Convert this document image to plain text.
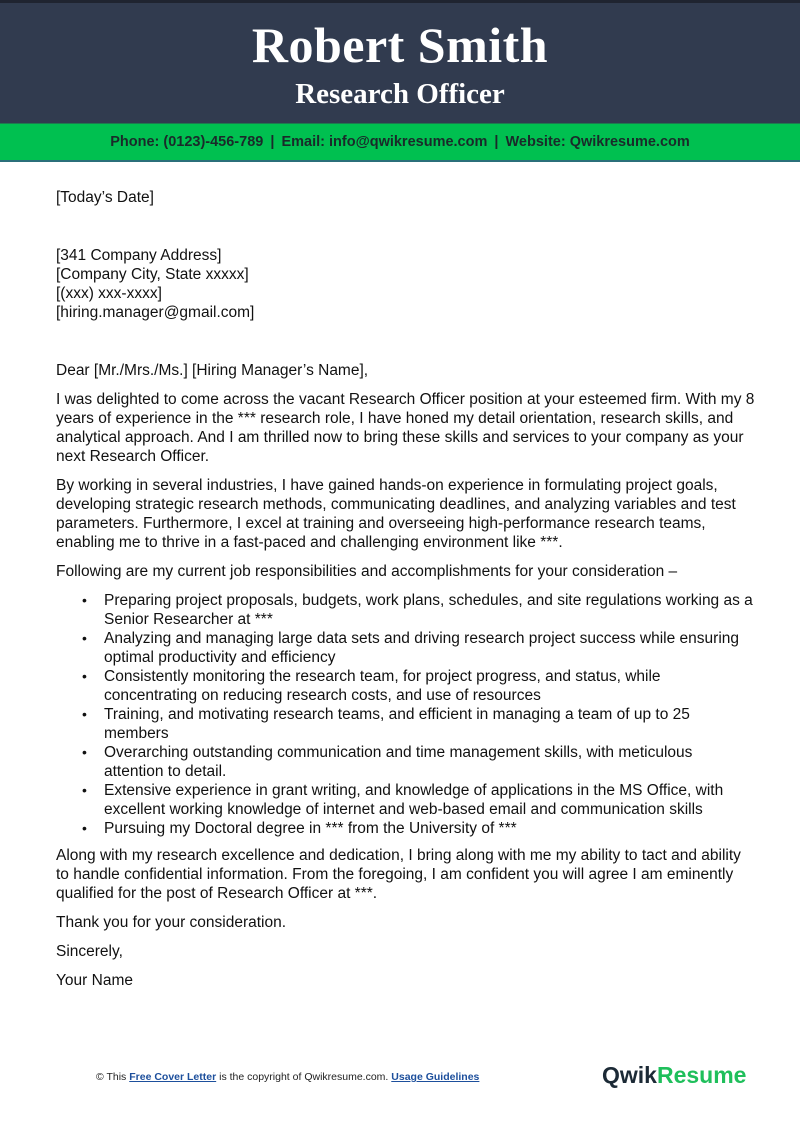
Robert Smith
Research Officer
Phone: (0123)-456-789 | Email: info@qwikresume.com | Website: Qwikresume.com

[Today’s Date]

[341 Company Address]

[Company City, State xxxxx]

[(xxx) xxx-xxxx]

[hiring.manager@gmail.com]

Dear [Mr./Mrs./Ms.] [Hiring Manager’s Name],

I was delighted to come across the vacant Research Officer position at your esteemed firm. With my 8 years of experience in the *** research role, I have honed my detail orientation, research skills, and analytical approach. And I am thrilled now to bring these skills and services to your company as your next Research Officer.

By working in several industries, I have gained hands-on experience in formulating project goals, developing strategic research methods, communicating deadlines, and analyzing variables and test parameters. Furthermore, I excel at training and overseeing high-performance research teams, enabling me to thrive in a fast-paced and challenging environment like ***.

Following are my current job responsibilities and accomplishments for your consideration –

• Preparing project proposals, budgets, work plans, schedules, and site regulations working as a Senior Researcher at ***
• Analyzing and managing large data sets and driving research project success while ensuring optimal productivity and efficiency
• Consistently monitoring the research team, for project progress, and status, while concentrating on reducing research costs, and use of resources
• Training, and motivating research teams, and efficient in managing a team of up to 25 members
• Overarching outstanding communication and time management skills, with meticulous attention to detail.
• Extensive experience in grant writing, and knowledge of applications in the MS Office, with excellent working knowledge of internet and web-based email and communication skills
• Pursuing my Doctoral degree in *** from the University of ***

Along with my research excellence and dedication, I bring along with me my ability to tact and ability to handle confidential information. From the foregoing, I am confident you will agree I am eminently qualified for the post of Research Officer at ***.

Thank you for your consideration.

Sincerely,

Your Name

© This Free Cover Letter is the copyright of Qwikresume.com. Usage Guidelines	QwikResume
